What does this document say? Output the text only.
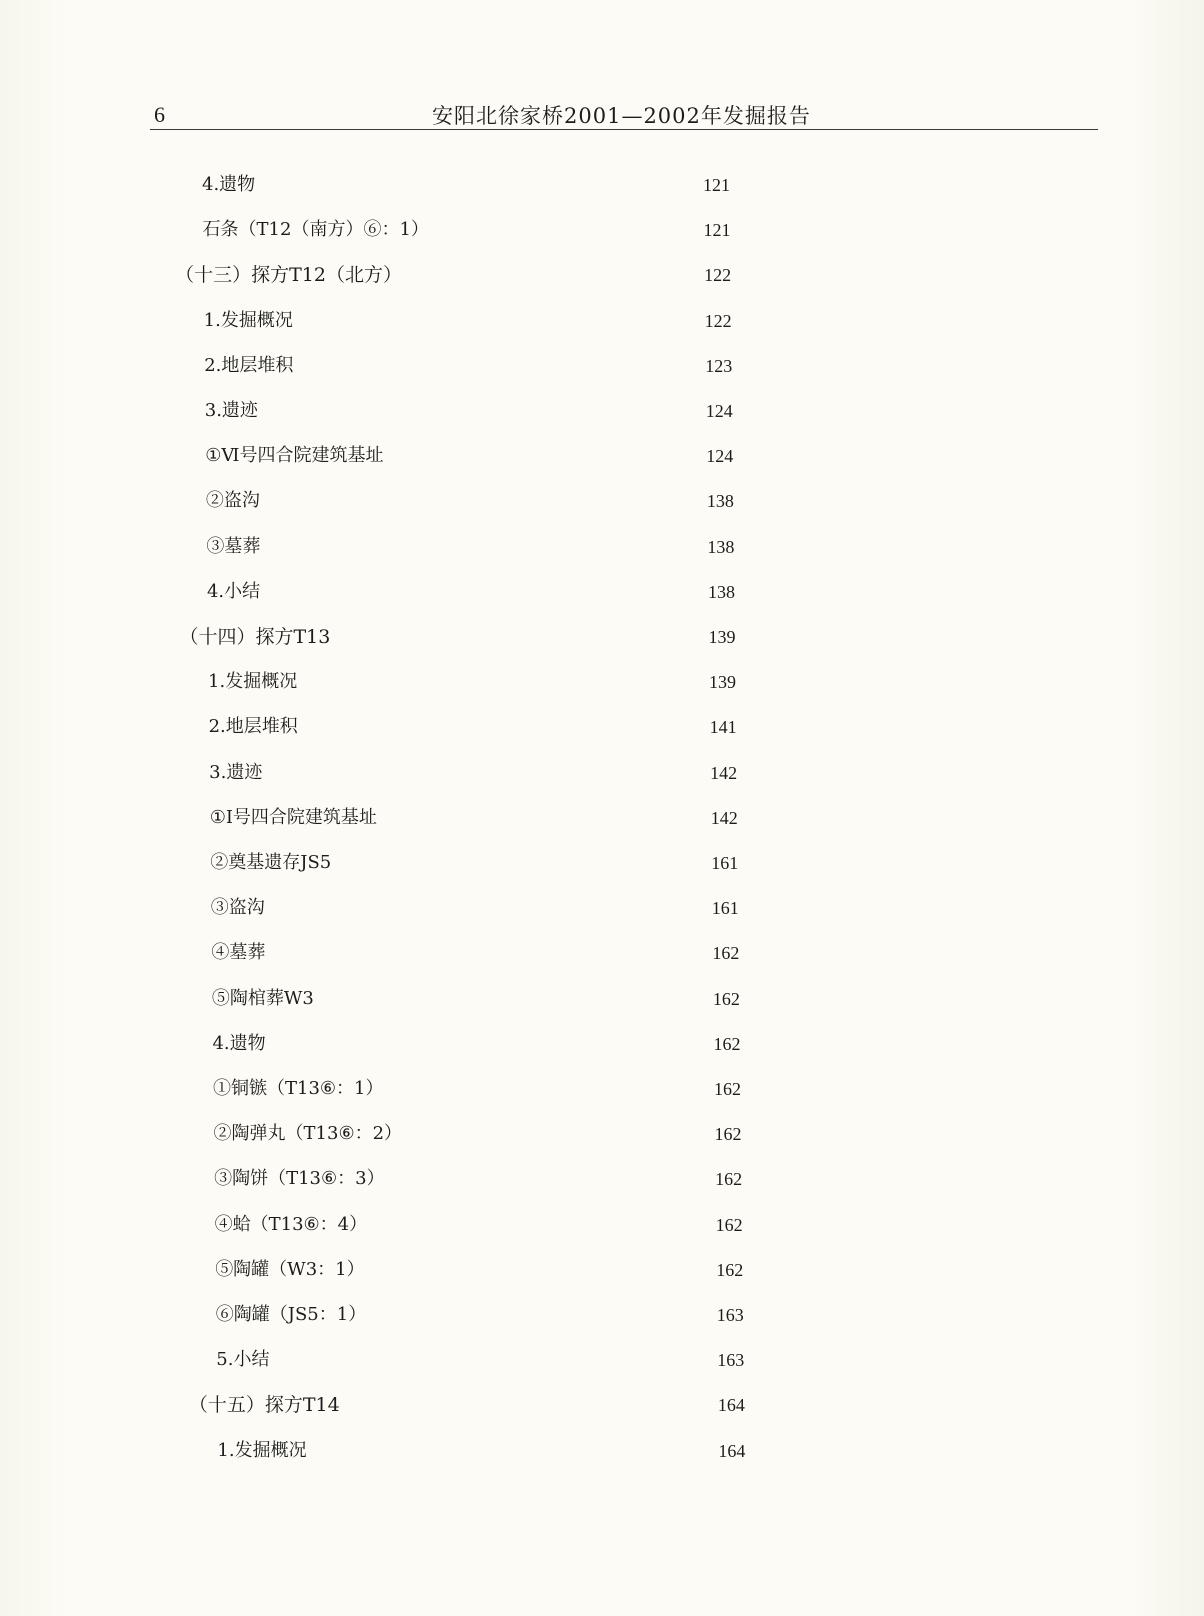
6	安阳北徐家桥2001—2002年发掘报告
4.遗物	121
石条（T12（南方）⑥：1）	121
（十三）探方T12（北方）	122
1.发掘概况	122
2.地层堆积	123
3.遗迹	124
①Ⅵ号四合院建筑基址	124
②盗沟	138
③墓葬	138
4.小结	138
（十四）探方T13	139
1.发掘概况	139
2.地层堆积	141
3.遗迹	142
①Ⅰ号四合院建筑基址	142
②奠基遗存JS5	161
③盗沟	161
④墓葬	162
⑤陶棺葬W3	162
4.遗物	162
①铜镞（T13⑥：1）	162
②陶弹丸（T13⑥：2）	162
③陶饼（T13⑥：3）	162
④蛤（T13⑥：4）	162
⑤陶罐（W3：1）	162
⑥陶罐（JS5：1）	163
5.小结	163
（十五）探方T14	164
1.发掘概况	164
